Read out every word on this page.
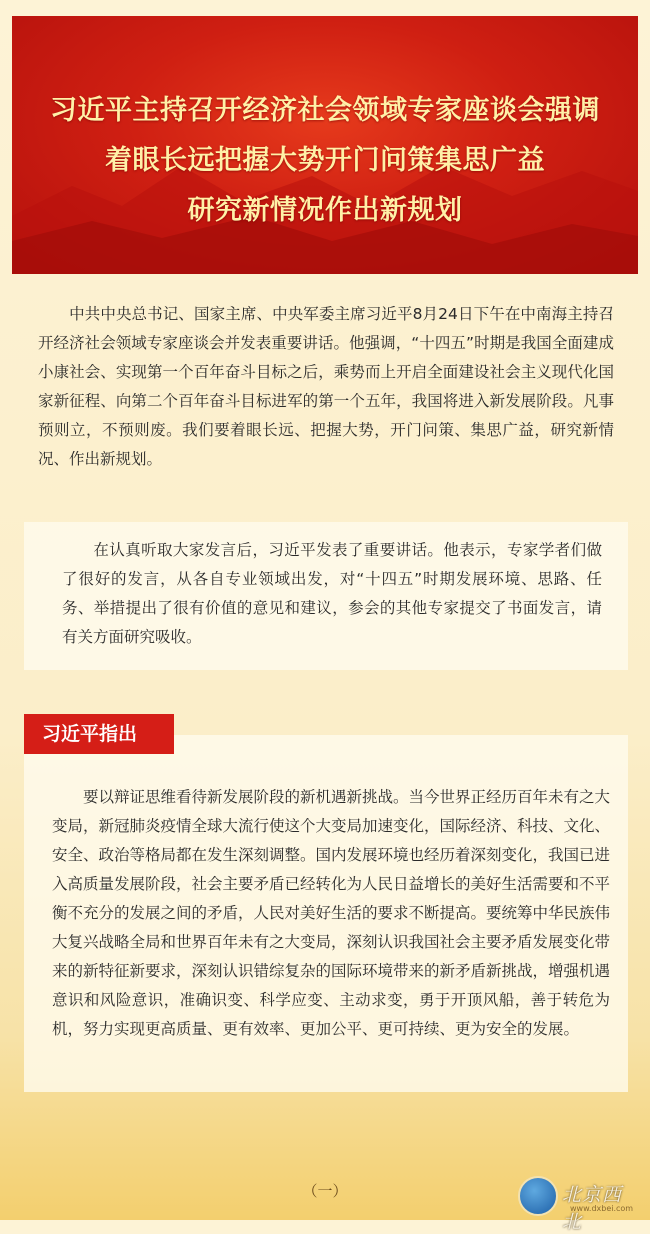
习近平主持召开经济社会领域专家座谈会强调
着眼长远把握大势开门问策集思广益
研究新情况作出新规划

中共中央总书记、国家主席、中央军委主席习近平8月24日下午在中南海主持召开经济社会领域专家座谈会并发表重要讲话。他强调，“十四五”时期是我国全面建成小康社会、实现第一个百年奋斗目标之后，乘势而上开启全面建设社会主义现代化国家新征程、向第二个百年奋斗目标进军的第一个五年，我国将进入新发展阶段。凡事预则立，不预则废。我们要着眼长远、把握大势，开门问策、集思广益，研究新情况、作出新规划。

在认真听取大家发言后，习近平发表了重要讲话。他表示，专家学者们做了很好的发言，从各自专业领域出发，对“十四五”时期发展环境、思路、任务、举措提出了很有价值的意见和建议，参会的其他专家提交了书面发言，请有关方面研究吸收。

要以辩证思维看待新发展阶段的新机遇新挑战。当今世界正经历百年未有之大变局，新冠肺炎疫情全球大流行使这个大变局加速变化，国际经济、科技、文化、安全、政治等格局都在发生深刻调整。国内发展环境也经历着深刻变化，我国已进入高质量发展阶段，社会主要矛盾已经转化为人民日益增长的美好生活需要和不平衡不充分的发展之间的矛盾，人民对美好生活的要求不断提高。要统筹中华民族伟大复兴战略全局和世界百年未有之大变局，深刻认识我国社会主要矛盾发展变化带来的新特征新要求，深刻认识错综复杂的国际环境带来的新矛盾新挑战，增强机遇意识和风险意识，准确识变、科学应变、主动求变，勇于开顶风船，善于转危为机，努力实现更高质量、更有效率、更加公平、更可持续、更为安全的发展。

习近平指出
（一）	北京西北
www.dxbei.com
